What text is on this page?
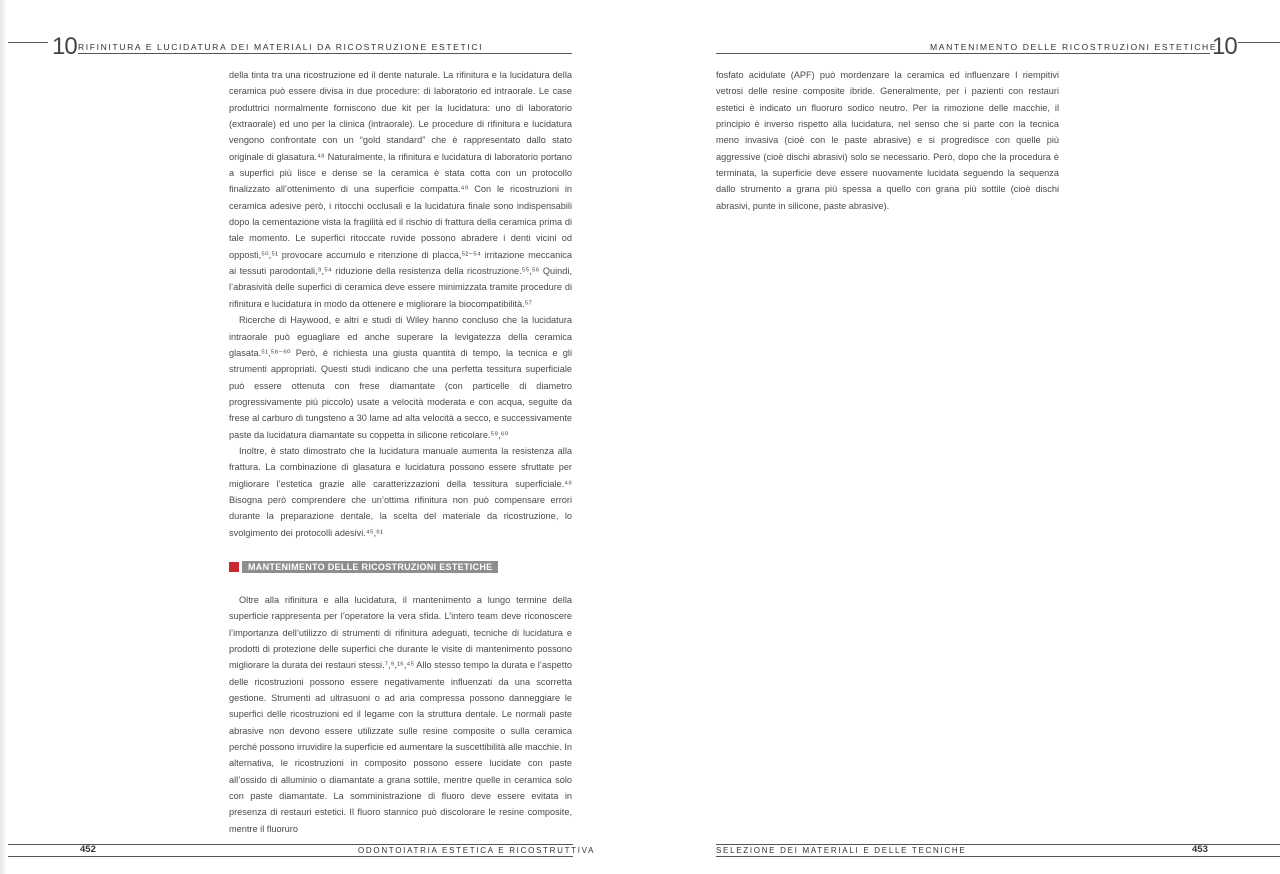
10 RIFINITURA E LUCIDATURA DEI MATERIALI DA RICOSTRUZIONE ESTETICI

della tinta tra una ricostruzione ed il dente naturale. La rifinitura e la lucidatura della ceramica può essere divisa in due procedure: di laboratorio ed intraorale. Le case produttrici normalmente forniscono due kit per la lucidatura: uno di laboratorio (extraorale) ed uno per la clinica (intraorale). Le procedure di rifinitura e lucidatura vengono confrontate con un “gold standard” che è rappresentato dallo stato originale di glasatura.⁴⁸ Naturalmente, la rifinitura e lucidatura di laboratorio portano a superfici più lisce e dense se la ceramica è stata cotta con un protocollo finalizzato all’ottenimento di una superficie compatta.⁴⁹ Con le ricostruzioni in ceramica adesive però, i ritocchi occlusali e la lucidatura finale sono indispensabili dopo la cementazione vista la fragilità ed il rischio di frattura della ceramica prima di tale momento. Le superfici ritoccate ruvide possono abradere i denti vicini od opposti,⁵⁰,⁵¹ provocare accumulo e ritenzione di placca,⁵²⁻⁵⁴ irritazione meccanica ai tessuti parodontali,⁹,⁵⁴ riduzione della resistenza della ricostruzione.⁵⁵,⁵⁶ Quindi, l’abrasività delle superfici di ceramica deve essere minimizzata tramite procedure di rifinitura e lucidatura in modo da ottenere e migliorare la biocompatibilità.⁵⁷

Ricerche di Haywood, e altri e studi di Wiley hanno concluso che la lucidatura intraorale può eguagliare ed anche superare la levigatezza della ceramica glasata.⁵¹,⁵⁸⁻⁶⁰ Però, è richiesta una giusta quantità di tempo, la tecnica e gli strumenti appropriati. Questi studi indicano che una perfetta tessitura superficiale può essere ottenuta con frese diamantate (con particelle di diametro progressivamente più piccolo) usate a velocità moderata e con acqua, seguite da frese al carburo di tungsteno a 30 lame ad alta velocità a secco, e successivamente paste da lucidatura diamantate su coppetta in silicone reticolare.⁵⁹,⁶⁰

Inoltre, è stato dimostrato che la lucidatura manuale aumenta la resistenza alla frattura. La combinazione di glasatura e lucidatura possono essere sfruttate per migliorare l’estetica grazie alle caratterizzazioni della tessitura superficiale.⁴⁸ Bisogna però comprendere che un’ottima rifinitura non può compensare errori durante la preparazione dentale, la scelta del materiale da ricostruzione, lo svolgimento dei protocolli adesivi.⁴⁵,⁶¹

MANTENIMENTO DELLE RICOSTRUZIONI ESTETICHE

Oltre alla rifinitura e alla lucidatura, il mantenimento a lungo termine della superficie rappresenta per l’operatore la vera sfida. L’intero team deve riconoscere l’importanza dell’utilizzo di strumenti di rifinitura adeguati, tecniche di lucidatura e prodotti di protezione delle superfici che durante le visite di mantenimento possono migliorare la durata dei restauri stessi.⁷,⁹,¹⁶,⁴⁵ Allo stesso tempo la durata e l’aspetto delle ricostruzioni possono essere negativamente influenzati da una scorretta gestione. Strumenti ad ultrasuoni o ad aria compressa possono danneggiare le superfici delle ricostruzioni ed il legame con la struttura dentale. Le normali paste abrasive non devono essere utilizzate sulle resine composite o sulla ceramica perché possono irruvidire la superficie ed aumentare la suscettibilità alle macchie. In alternativa, le ricostruzioni in composito possono essere lucidate con paste all’ossido di alluminio o diamantate a grana sottile, mentre quelle in ceramica solo con paste diamantate. La somministrazione di fluoro deve essere evitata in presenza di restauri estetici. Il fluoro stannico può discolorare le resine composite, mentre il fluoruro

452	ODONTOIATRIA ESTETICA E RICOSTRUTTIVA
MANTENIMENTO DELLE RICOSTRUZIONI ESTETICHE
10

fosfato acidulate (APF) può mordenzare la ceramica ed influenzare I riempitivi vetrosi delle resine composite ibride. Generalmente, per i pazienti con restauri estetici è indicato un fluoruro sodico neutro. Per la rimozione delle macchie, il principio è inverso rispetto alla lucidatura, nel senso che si parte con la tecnica meno invasiva (cioè con le paste abrasive) e si progredisce con quelle più aggressive (cioè dischi abrasivi) solo se necessario. Però, dopo che la procedura è terminata, la superficie deve essere nuovamente lucidata seguendo la sequenza dallo strumento a grana più spessa a quello con grana più sottile (cioè dischi abrasivi, punte in silicone, paste abrasive).

SELEZIONE DEI MATERIALI E DELLE TECNICHE	453
